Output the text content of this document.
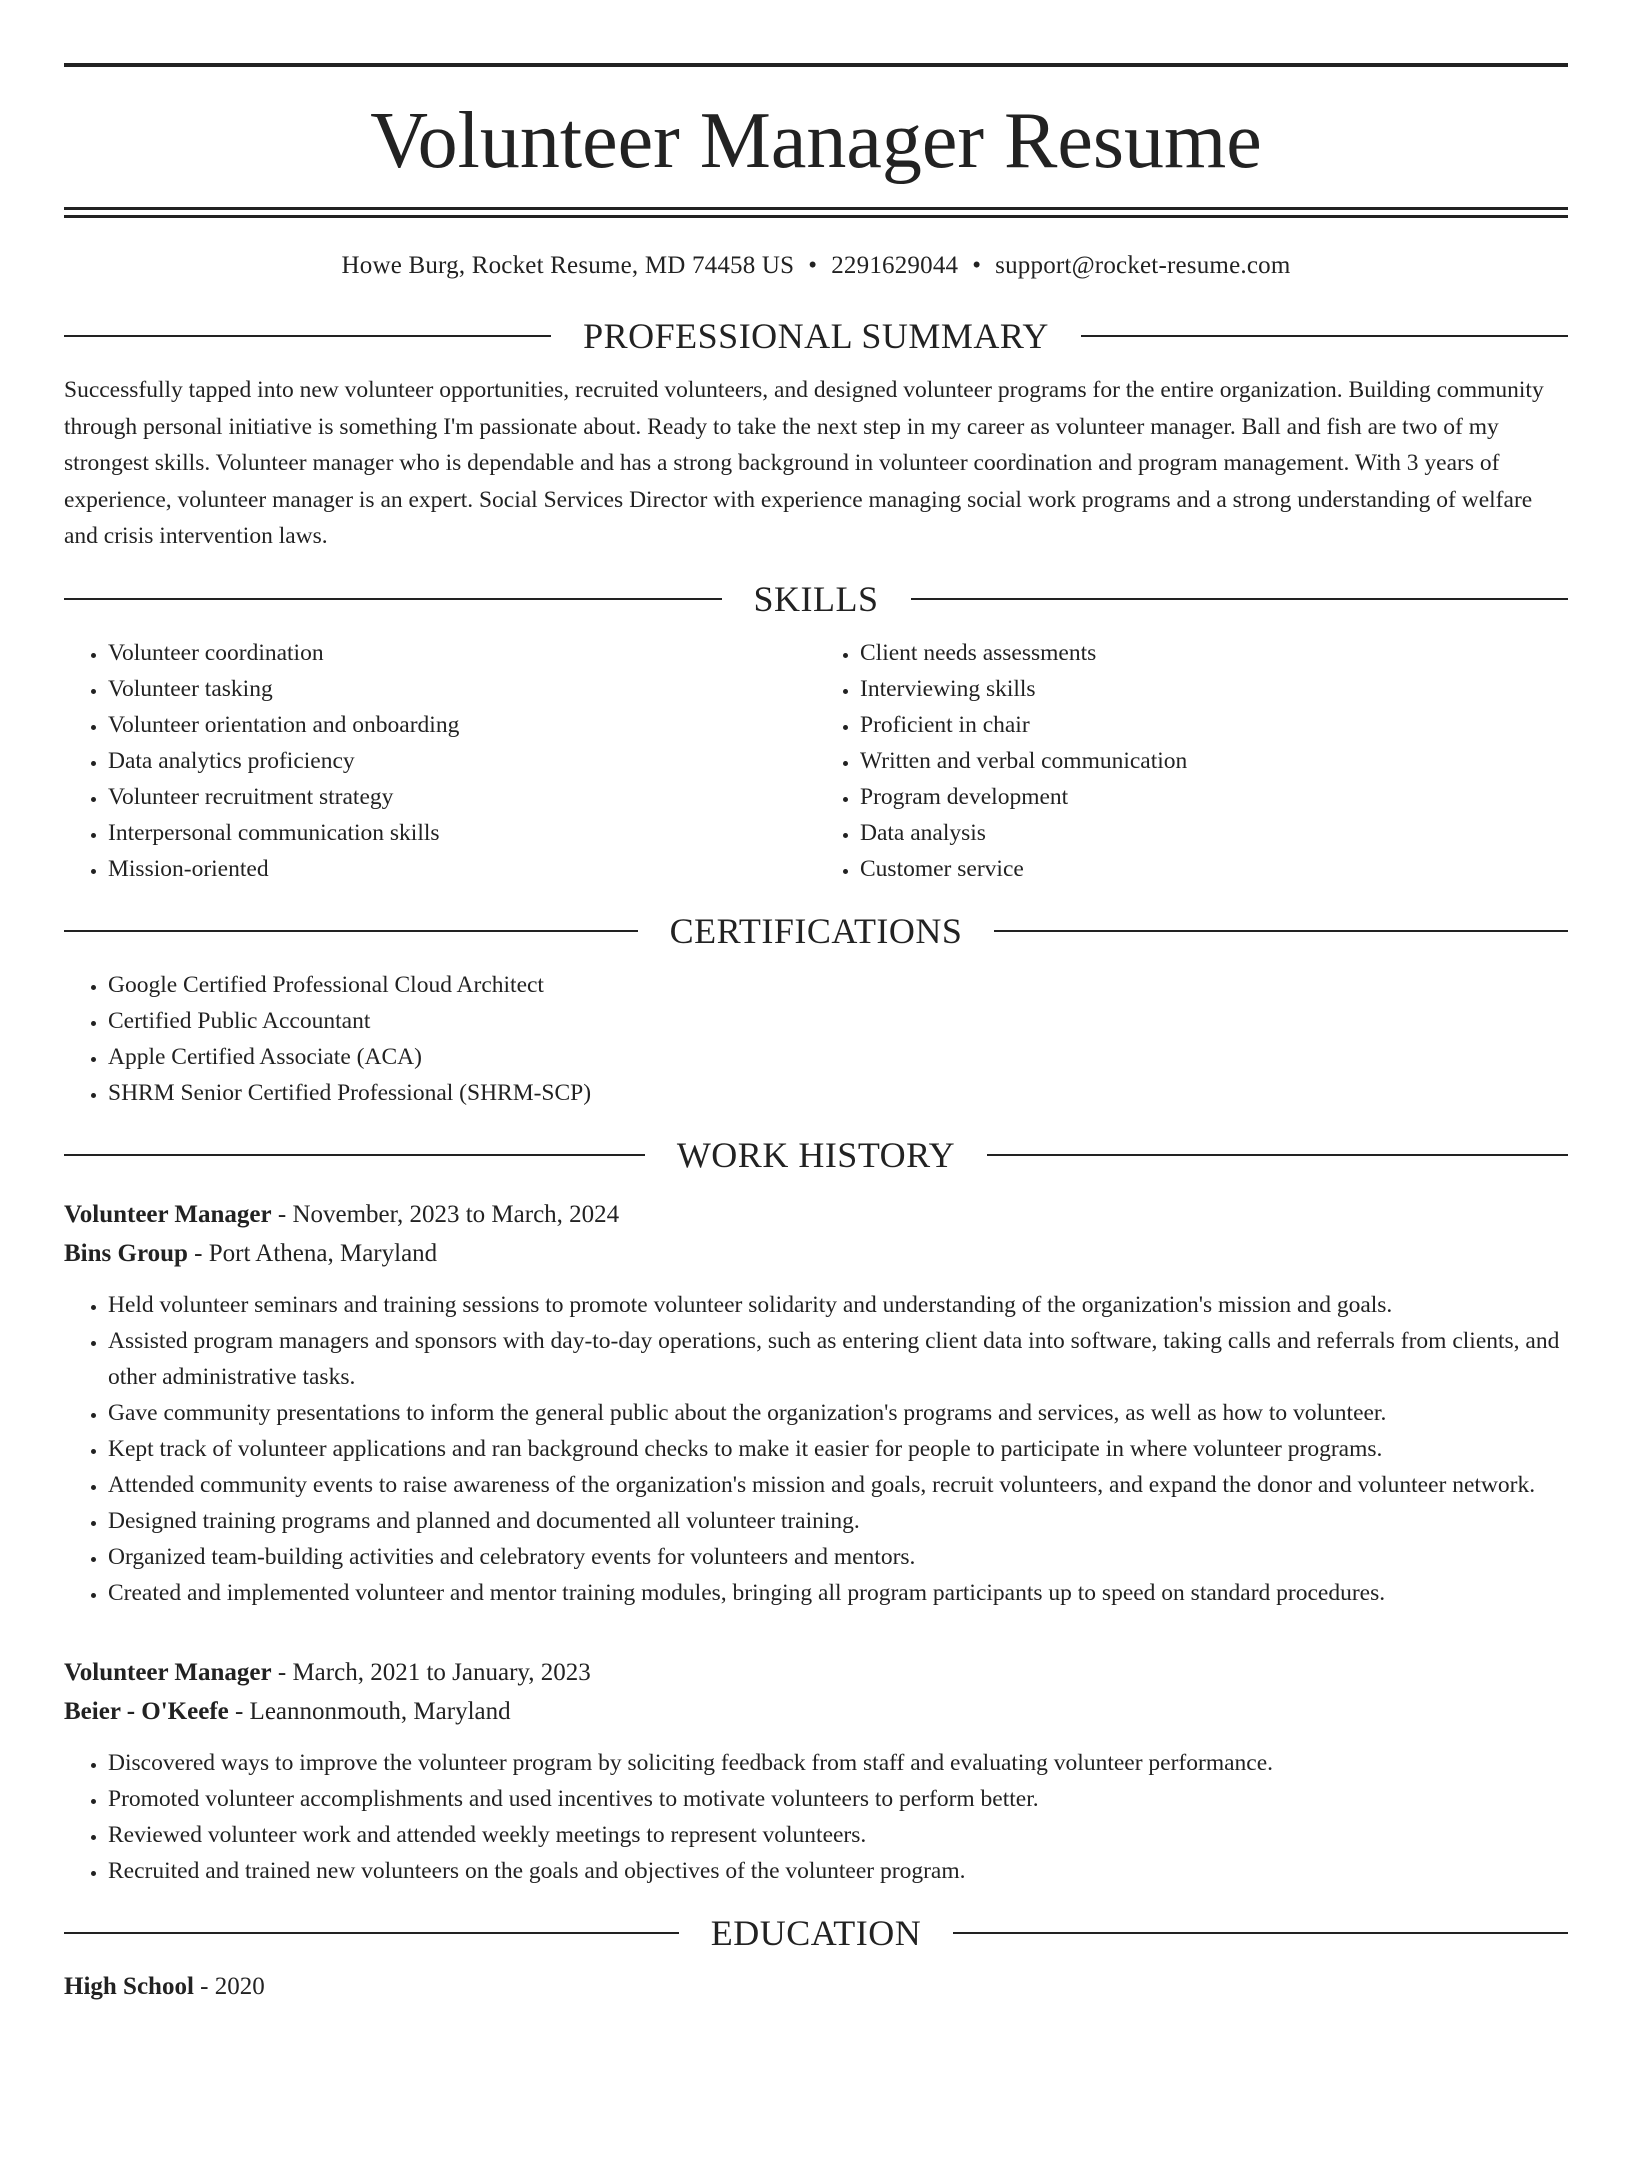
Volunteer Manager Resume
Howe Burg, Rocket Resume, MD 74458 US • 2291629044 • support@rocket-resume.com
PROFESSIONAL SUMMARY
Successfully tapped into new volunteer opportunities, recruited volunteers, and designed volunteer programs for the entire organization. Building community through personal initiative is something I'm passionate about. Ready to take the next step in my career as volunteer manager. Ball and fish are two of my strongest skills. Volunteer manager who is dependable and has a strong background in volunteer coordination and program management. With 3 years of experience, volunteer manager is an expert. Social Services Director with experience managing social work programs and a strong understanding of welfare and crisis intervention laws.
SKILLS
• Volunteer coordination
• Volunteer tasking
• Volunteer orientation and onboarding
• Data analytics proficiency
• Volunteer recruitment strategy
• Interpersonal communication skills
• Mission-oriented
• Client needs assessments
• Interviewing skills
• Proficient in chair
• Written and verbal communication
• Program development
• Data analysis
• Customer service
CERTIFICATIONS
• Google Certified Professional Cloud Architect
• Certified Public Accountant
• Apple Certified Associate (ACA)
• SHRM Senior Certified Professional (SHRM-SCP)
WORK HISTORY
Volunteer Manager - November, 2023 to March, 2024
Bins Group - Port Athena, Maryland
• Held volunteer seminars and training sessions to promote volunteer solidarity and understanding of the organization's mission and goals.
• Assisted program managers and sponsors with day-to-day operations, such as entering client data into software, taking calls and referrals from clients, and other administrative tasks.
• Gave community presentations to inform the general public about the organization's programs and services, as well as how to volunteer.
• Kept track of volunteer applications and ran background checks to make it easier for people to participate in where volunteer programs.
• Attended community events to raise awareness of the organization's mission and goals, recruit volunteers, and expand the donor and volunteer network.
• Designed training programs and planned and documented all volunteer training.
• Organized team-building activities and celebratory events for volunteers and mentors.
• Created and implemented volunteer and mentor training modules, bringing all program participants up to speed on standard procedures.
Volunteer Manager - March, 2021 to January, 2023
Beier - O'Keefe - Leannonmouth, Maryland
• Discovered ways to improve the volunteer program by soliciting feedback from staff and evaluating volunteer performance.
• Promoted volunteer accomplishments and used incentives to motivate volunteers to perform better.
• Reviewed volunteer work and attended weekly meetings to represent volunteers.
• Recruited and trained new volunteers on the goals and objectives of the volunteer program.
EDUCATION
High School - 2020
